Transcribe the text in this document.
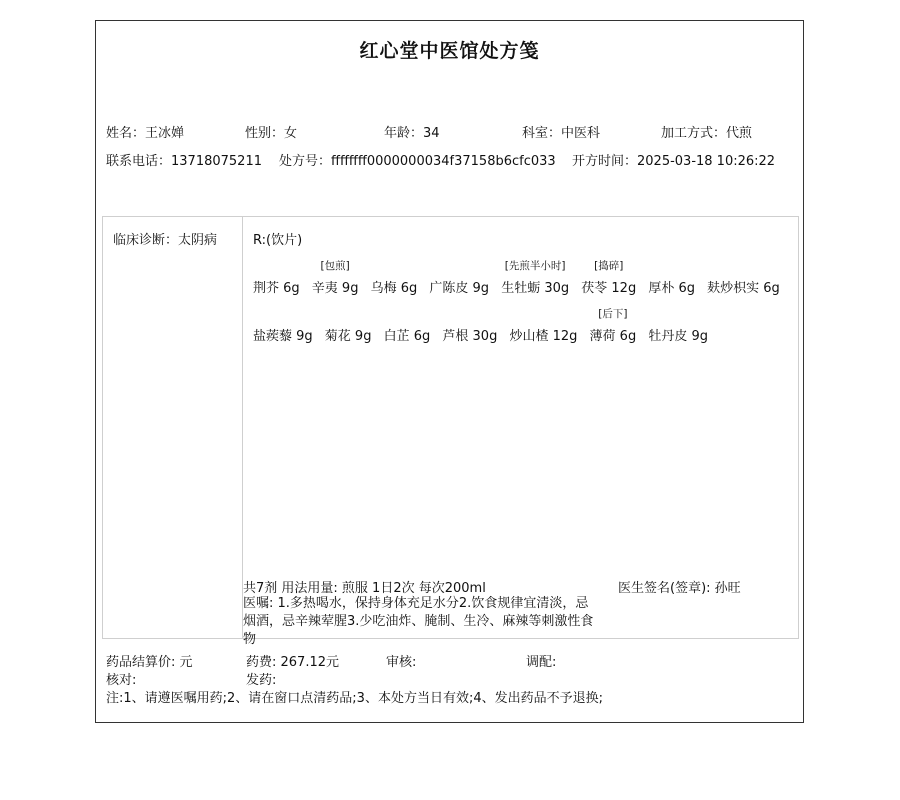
红心堂中医馆处方笺
姓名：王冰婵	性别：女	年龄：34	科室：中医科	加工方式：代煎
联系电话：13718075211 处方号：ffffffff0000000034f37158b6cfc033 开方时间：2025-03-18 10:26:22
临床诊断：太阴病	R:(饮片)
荆芥 6g
[包煎]
辛夷 9g 乌梅 6g 广陈皮 9g
[先煎半小时]
生牡蛎 30g
[捣碎]
茯苓 12g 厚朴 6g 麸炒枳实 6g
盐蒺藜 9g 菊花 9g 白芷 6g 芦根 30g 炒山楂 12g
[后下]
薄荷 6g 牡丹皮 9g
共7剂 用法用量: 煎服 1日2次 每次200ml	医生签名(签章): 孙旺
医嘱: 1.多热喝水，保持身体充足水分2.饮食规律宜清淡，忌烟酒，忌辛辣荤腥3.少吃油炸、腌制、生冷、麻辣等刺激性食物
药品结算价: 元	药费: 267.12元	审核:	调配:
核对:	发药:
注:1、请遵医嘱用药;2、请在窗口点清药品;3、本处方当日有效;4、发出药品不予退换;
